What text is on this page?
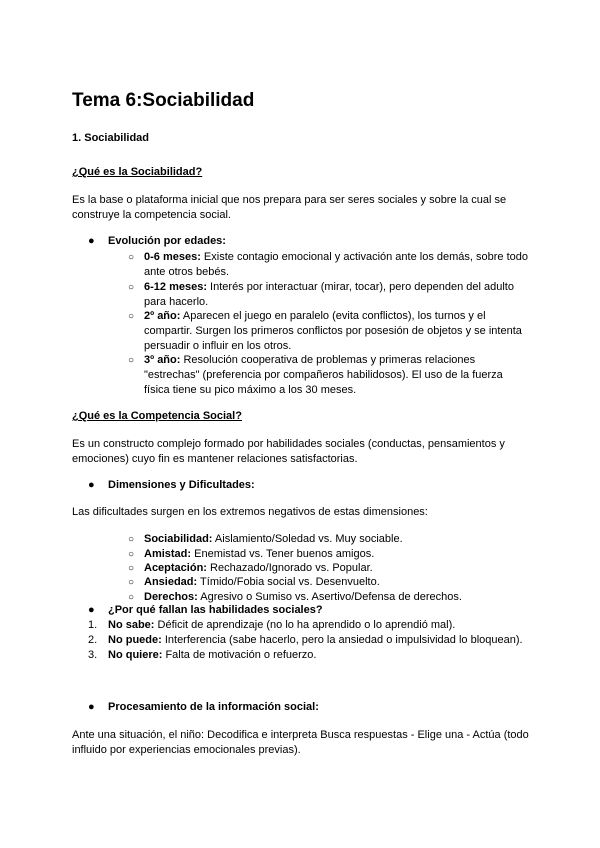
Tema 6:Sociabilidad
1. Sociabilidad
¿Qué es la Sociabilidad?
Es la base o plataforma inicial que nos prepara para ser seres sociales y sobre la cual se construye la competencia social.
● Evolución por edades:
○ 0-6 meses: Existe contagio emocional y activación ante los demás, sobre todo ante otros bebés.
○ 6-12 meses: Interés por interactuar (mirar, tocar), pero dependen del adulto para hacerlo.
○ 2º año: Aparecen el juego en paralelo (evita conflictos), los turnos y el compartir. Surgen los primeros conflictos por posesión de objetos y se intenta persuadir o influir en los otros.
○ 3º año: Resolución cooperativa de problemas y primeras relaciones "estrechas" (preferencia por compañeros habilidosos). El uso de la fuerza física tiene su pico máximo a los 30 meses.
¿Qué es la Competencia Social?
Es un constructo complejo formado por habilidades sociales (conductas, pensamientos y emociones) cuyo fin es mantener relaciones satisfactorias.
● Dimensiones y Dificultades:
Las dificultades surgen en los extremos negativos de estas dimensiones:
○ Sociabilidad: Aislamiento/Soledad vs. Muy sociable.
○ Amistad: Enemistad vs. Tener buenos amigos.
○ Aceptación: Rechazado/Ignorado vs. Popular.
○ Ansiedad: Tímido/Fobia social vs. Desenvuelto.
○ Derechos: Agresivo o Sumiso vs. Asertivo/Defensa de derechos.
● ¿Por qué fallan las habilidades sociales?
1. No sabe: Déficit de aprendizaje (no lo ha aprendido o lo aprendió mal).
2. No puede: Interferencia (sabe hacerlo, pero la ansiedad o impulsividad lo bloquean).
3. No quiere: Falta de motivación o refuerzo.
● Procesamiento de la información social:
Ante una situación, el niño: Decodifica e interpreta Busca respuestas - Elige una - Actúa (todo influido por experiencias emocionales previas).
